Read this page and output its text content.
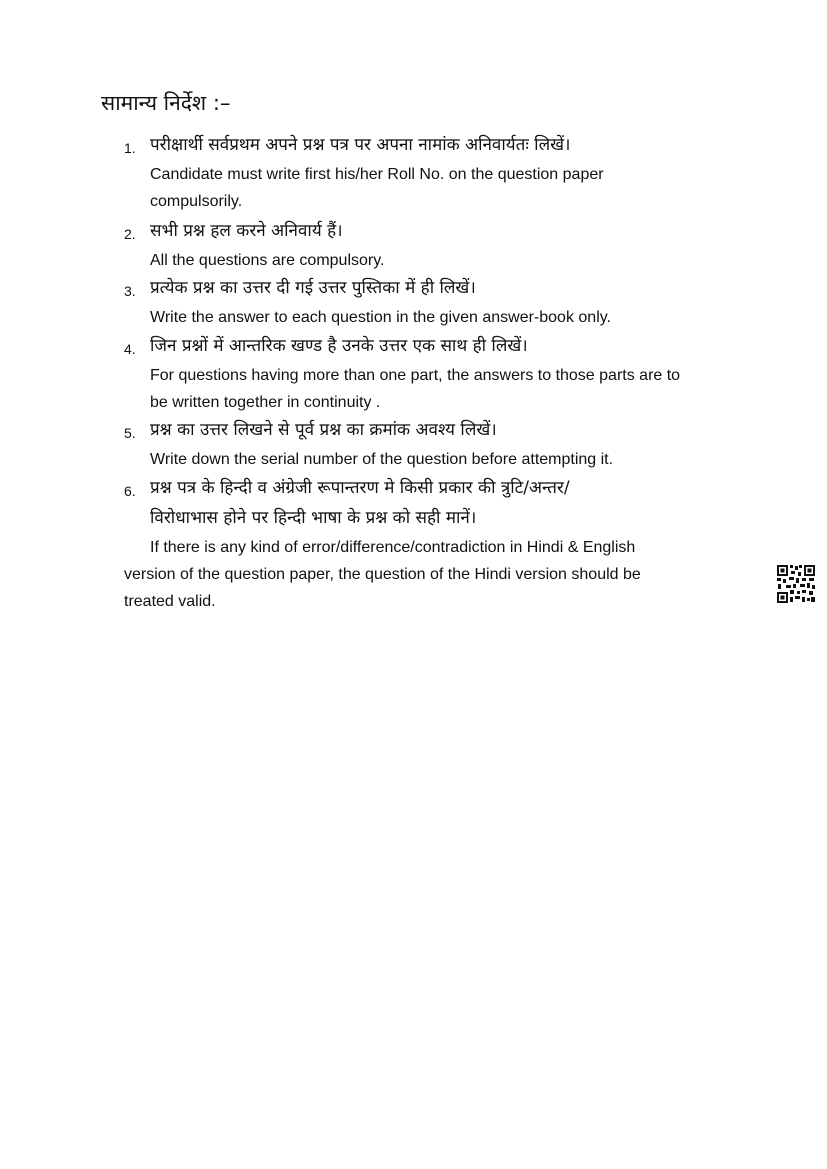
सामान्य निर्देश :–
1. परीक्षार्थी सर्वप्रथम अपने प्रश्न पत्र पर अपना नामांक अनिवार्यतः लिखें।
Candidate must write first his/her Roll No. on the question paper
compulsorily.
2. सभी प्रश्न हल करने अनिवार्य हैं।
All the questions are compulsory.
3. प्रत्येक प्रश्न का उत्तर दी गई उत्तर पुस्तिका में ही लिखें।
Write the answer to each question in the given answer-book only.
4. जिन प्रश्नों में आन्तरिक खण्ड है उनके उत्तर एक साथ ही लिखें।
For questions having more than one part, the answers to those parts are to
be written together in continuity .
5. प्रश्न का उत्तर लिखने से पूर्व प्रश्न का क्रमांक अवश्य लिखें।
Write down the serial number of the question before attempting it.
6. प्रश्न पत्र के हिन्दी व अंग्रेजी रूपान्तरण मे किसी प्रकार की त्रुटि/अन्तर/
विरोधाभास होने पर हिन्दी भाषा के प्रश्न को सही मानें।
If there is any kind of error/difference/contradiction in Hindi & English
version of the question paper, the question of the Hindi version should be
treated valid.
